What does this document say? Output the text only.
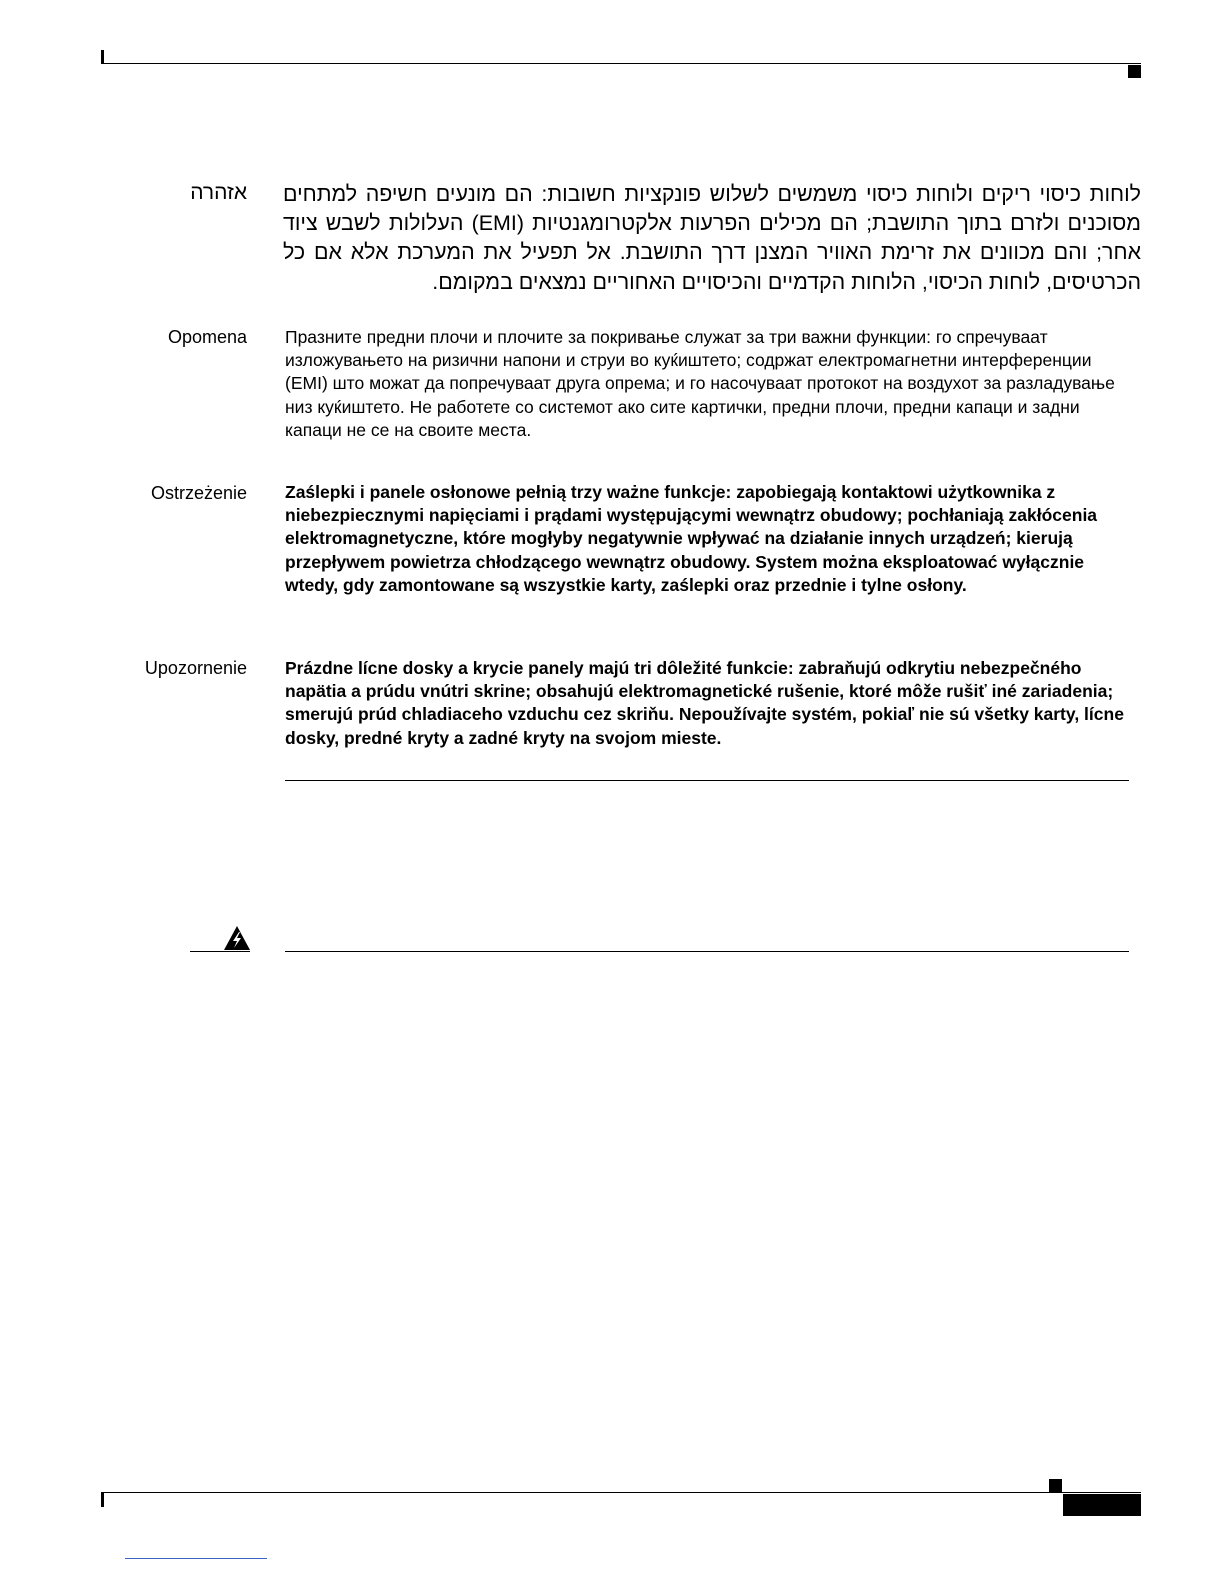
אזהרה לוחות כיסוי ריקים ולוחות כיסוי משמשים לשלוש פונקציות חשובות: הם מונעים חשיפה למתחים מסוכנים ולזרם בתוך התושבת; הם מכילים הפרעות אלקטרומגנטיות (EMI) העלולות לשבש ציוד אחר; והם מכוונים את זרימת האוויר המצנן דרך התושבת. אל תפעיל את המערכת אלא אם כל הכרטיסים, לוחות הכיסוי, הלוחות הקדמיים והכיסויים האחוריים נמצאים במקומם.
Opomena Празните предни плочи и плочите за покривање служат за три важни функции: го спречуваат изложувањето на ризични напони и струи во куќиштето; содржат електромагнетни интерференции (EMI) што можат да попречуваат друга опрема; и го насочуваат протокот на воздухот за разладување низ куќиштето. Не работете со системот ако сите картички, предни плочи, предни капаци и задни капаци не се на своите места.
Ostrzeżenie Zaślepki i panele osłonowe pełnią trzy ważne funkcje: zapobiegają kontaktowi użytkownika z niebezpiecznymi napięciami i prądami występującymi wewnątrz obudowy; pochłaniają zakłócenia elektromagnetyczne, które mogłyby negatywnie wpływać na działanie innych urządzeń; kierują przepływem powietrza chłodzącego wewnątrz obudowy. System można eksploatować wyłącznie wtedy, gdy zamontowane są wszystkie karty, zaślepki oraz przednie i tylne osłony.
Upozornenie Prázdne lícne dosky a krycie panely majú tri dôležité funkcie: zabraňujú odkrytiu nebezpečného napätia a prúdu vnútri skrine; obsahujú elektromagnetické rušenie, ktoré môže rušiť iné zariadenia; smerujú prúd chladiaceho vzduchu cez skriňu. Nepoužívajte systém, pokiaľ nie sú všetky karty, lícne dosky, predné kryty a zadné kryty na svojom mieste.
